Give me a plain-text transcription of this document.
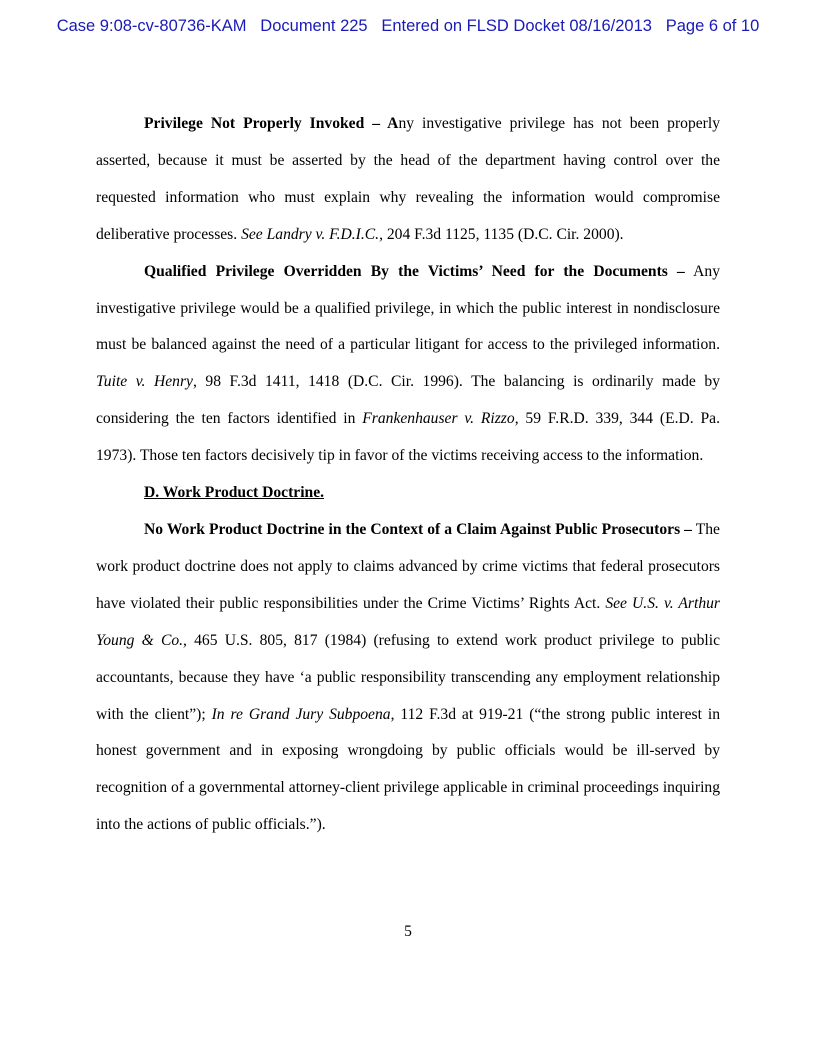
Case 9:08-cv-80736-KAM   Document 225   Entered on FLSD Docket 08/16/2013   Page 6 of 10

Privilege Not Properly Invoked – Any investigative privilege has not been properly asserted, because it must be asserted by the head of the department having control over the requested information who must explain why revealing the information would compromise deliberative processes. See Landry v. F.D.I.C., 204 F.3d 1125, 1135 (D.C. Cir. 2000).

Qualified Privilege Overridden By the Victims’ Need for the Documents – Any investigative privilege would be a qualified privilege, in which the public interest in nondisclosure must be balanced against the need of a particular litigant for access to the privileged information. Tuite v. Henry, 98 F.3d 1411, 1418 (D.C. Cir. 1996). The balancing is ordinarily made by considering the ten factors identified in Frankenhauser v. Rizzo, 59 F.R.D. 339, 344 (E.D. Pa. 1973). Those ten factors decisively tip in favor of the victims receiving access to the information.

D. Work Product Doctrine.

No Work Product Doctrine in the Context of a Claim Against Public Prosecutors – The work product doctrine does not apply to claims advanced by crime victims that federal prosecutors have violated their public responsibilities under the Crime Victims’ Rights Act. See U.S. v. Arthur Young & Co., 465 U.S. 805, 817 (1984) (refusing to extend work product privilege to public accountants, because they have ‘a public responsibility transcending any employment relationship with the client”); In re Grand Jury Subpoena, 112 F.3d at 919-21 (“the strong public interest in honest government and in exposing wrongdoing by public officials would be ill-served by recognition of a governmental attorney-client privilege applicable in criminal proceedings inquiring into the actions of public officials.”).

5
